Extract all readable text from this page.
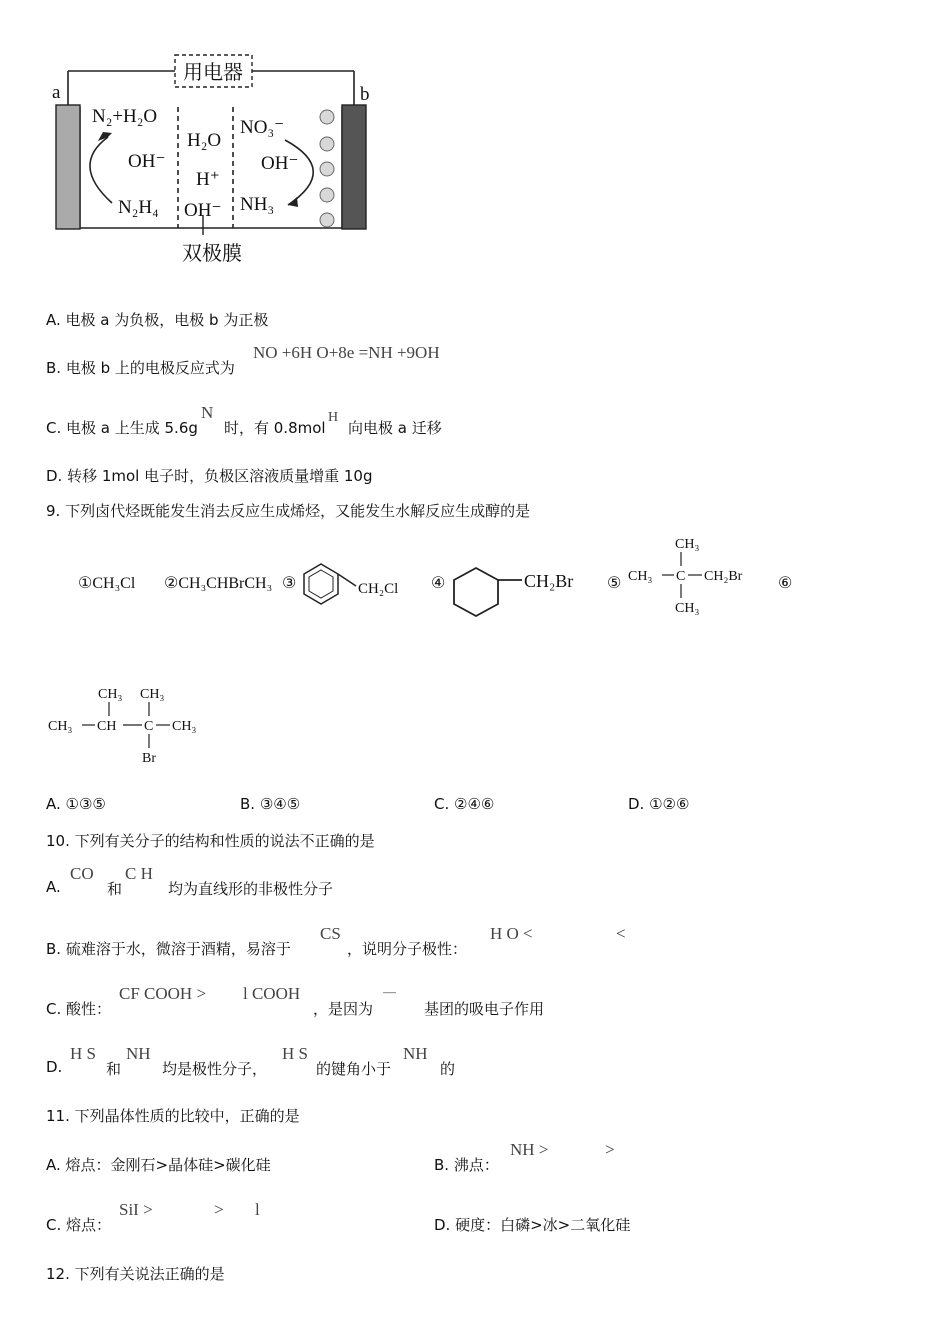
用电器
a	b
N₂+H₂O
OH⁻
N₂H₄
H₂O
H⁺
OH⁻
NO₃⁻
OH⁻
NH₃
双极膜
A. 电极 a 为负极，电极 b 为正极
B. 电极 b 上的电极反应式为
NO +6H O+8e =NH +9OH
C. 电极 a 上生成 5.6g
N
时，有 0.8mol
H
向电极 a 迁移
D. 转移 1mol 电子时，负极区溶液质量增重 10g
9. 下列卤代烃既能发生消去反应生成烯烃，又能发生水解反应生成醇的是
①CH₃Cl ②CH₃CHBrCH₃ ③	CH₂Cl ④	CH₂Br ⑤
CH₃
CH₃ C CH₂Br
CH₃
⑥
CH₃ CH₃
CH₃ CH C CH₃
Br
A. ①③⑤	B. ③④⑤	C. ②④⑥	D. ①②⑥
10. 下列有关分子的结构和性质的说法不正确的是
A.
CO
和
C H
均为直线形的非极性分子
B. 硫难溶于水，微溶于酒精，易溶于
CS
，说明分子极性：
H O <	<
C. 酸性：
CF COOH > l COOH
，是因为
—
基团的吸电子作用
D.
H S
和
NH
均是极性分子，
H S
的键角小于
NH
的
11. 下列晶体性质的比较中，正确的是
A. 熔点：金刚石>晶体硅>碳化硅	B. 沸点：
NH >	>
C. 熔点：
SiI >	> l
D. 硬度：白磷>冰>二氧化硅
12. 下列有关说法正确的是
